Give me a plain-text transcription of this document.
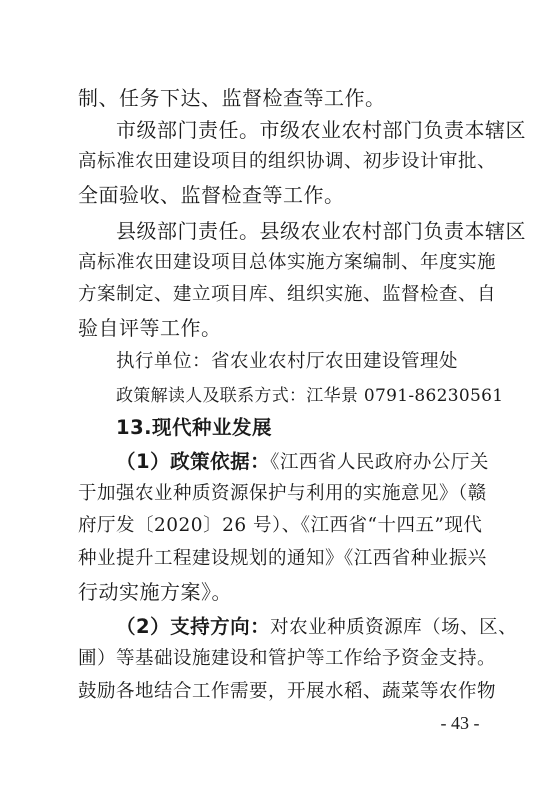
制、任务下达、监督检查等工作。
市级部门责任。市级农业农村部门负责本辖区
高标准农田建设项目的组织协调、初步设计审批、
全面验收、监督检查等工作。
县级部门责任。县级农业农村部门负责本辖区
高标准农田建设项目总体实施方案编制、年度实施
方案制定、建立项目库、组织实施、监督检查、自
验自评等工作。
执行单位：省农业农村厅农田建设管理处
政策解读人及联系方式：江华景 0791-86230561
13.现代种业发展
（1）政策依据：《江西省人民政府办公厅关
于加强农业种质资源保护与利用的实施意见》（赣
府厅发〔2020〕26 号）、《江西省“十四五”现代
种业提升工程建设规划的通知》《江西省种业振兴
行动实施方案》。
（2）支持方向：对农业种质资源库（场、区、
圃）等基础设施建设和管护等工作给予资金支持。
鼓励各地结合工作需要，开展水稻、蔬菜等农作物
- 43 -
